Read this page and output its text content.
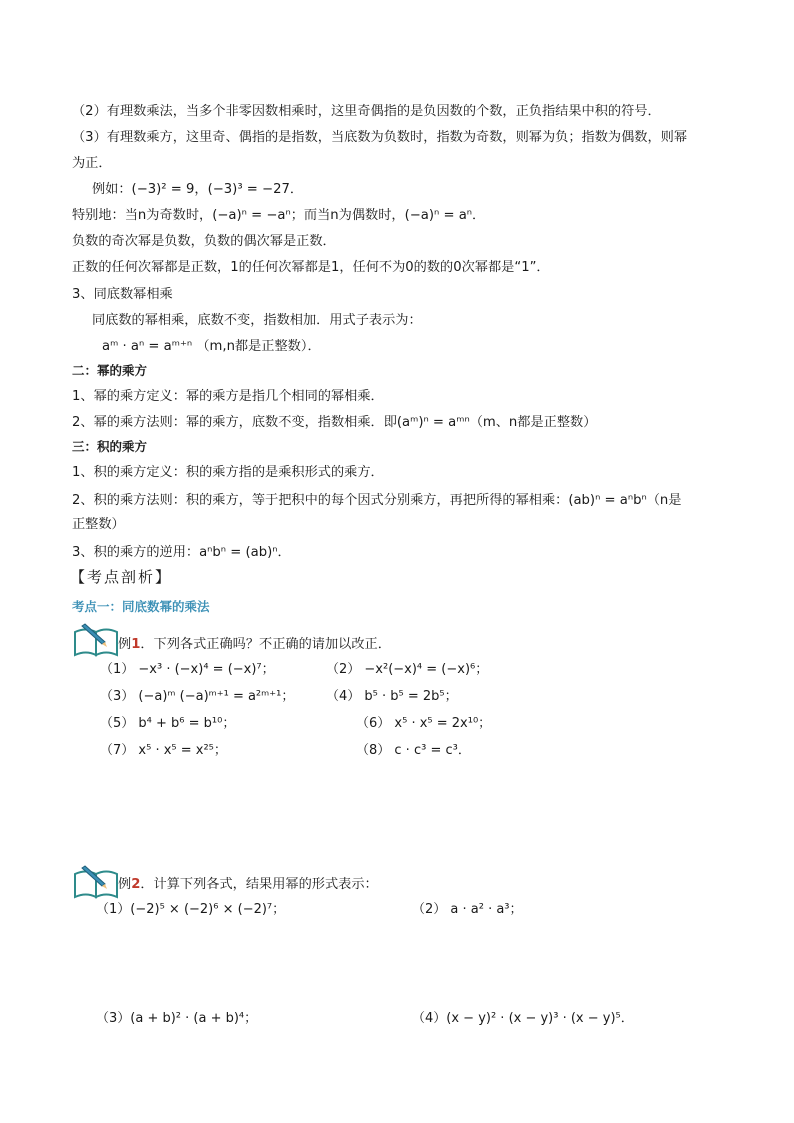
（2）有理数乘法，当多个非零因数相乘时，这里奇偶指的是负因数的个数，正负指结果中积的符号．
（3）有理数乘方，这里奇、偶指的是指数，当底数为负数时，指数为奇数，则幂为负；指数为偶数，则幂
为正．
例如：(−3)² = 9，(−3)³ = −27．
特别地：当n为奇数时，(−a)ⁿ = −aⁿ；而当n为偶数时，(−a)ⁿ = aⁿ．
负数的奇次幂是负数，负数的偶次幂是正数．
正数的任何次幂都是正数，1的任何次幂都是1，任何不为0的数的0次幂都是“1”．
3、同底数幂相乘
同底数的幂相乘，底数不变，指数相加．用式子表示为：
aᵐ · aⁿ = aᵐ⁺ⁿ （m,n都是正整数）．
二：幂的乘方
1、幂的乘方定义：幂的乘方是指几个相同的幂相乘．
2、幂的乘方法则：幂的乘方，底数不变，指数相乘．即(aᵐ)ⁿ = aᵐⁿ（m、n都是正整数）
三：积的乘方
1、积的乘方定义：积的乘方指的是乘积形式的乘方．
2、积的乘方法则：积的乘方，等于把积中的每个因式分别乘方，再把所得的幂相乘：(ab)ⁿ = aⁿbⁿ（n是
正整数）
3、积的乘方的逆用：aⁿbⁿ = (ab)ⁿ．
【考点剖析】
考点一：同底数幂的乘法
例1．下列各式正确吗？不正确的请加以改正．
（1） −x³ · (−x)⁴ = (−x)⁷；	（2） −x²(−x)⁴ = (−x)⁶；
（3） (−a)ᵐ (−a)ᵐ⁺¹ = a²ᵐ⁺¹； （4） b⁵ · b⁵ = 2b⁵；
（5） b⁴ + b⁶ = b¹⁰；	（6） x⁵ · x⁵ = 2x¹⁰；
（7） x⁵ · x⁵ = x²⁵；	（8） c · c³ = c³．
例2．计算下列各式，结果用幂的形式表示：
（1）(−2)⁵ × (−2)⁶ × (−2)⁷；	（2） a · a² · a³；
（3）(a + b)² · (a + b)⁴；	（4）(x − y)² · (x − y)³ · (x − y)⁵．
